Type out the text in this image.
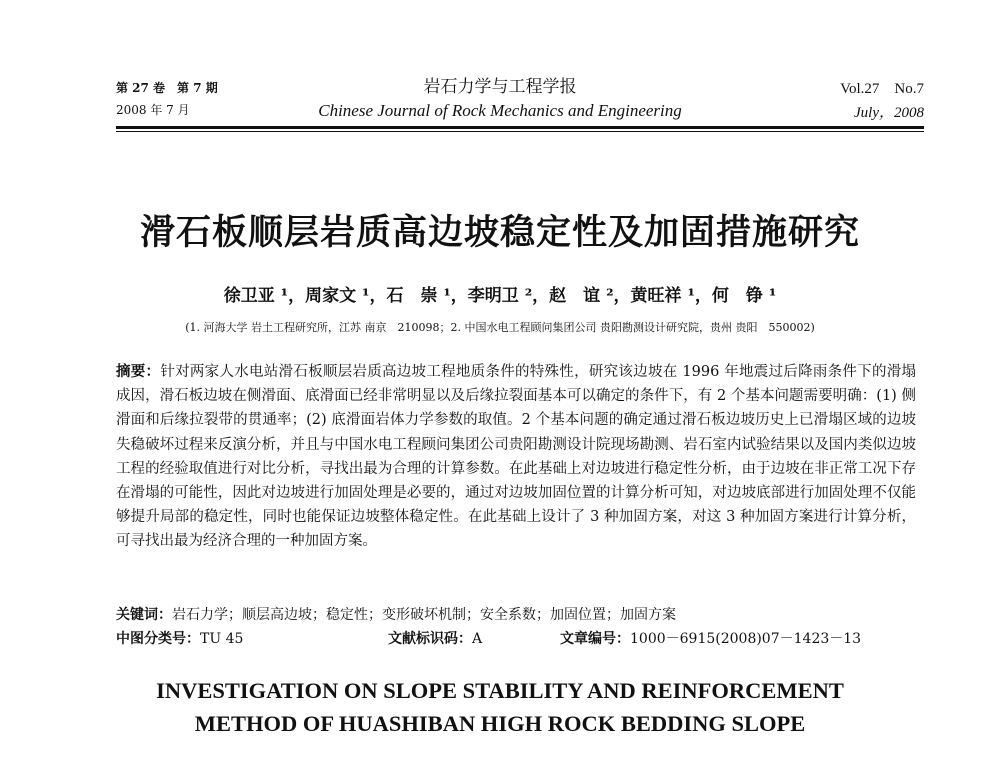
第 27 卷　第 7 期
2008 年 7 月
岩石力学与工程学报
Chinese Journal of Rock Mechanics and Engineering
Vol.27　No.7
July，2008
滑石板顺层岩质高边坡稳定性及加固措施研究
徐卫亚 ¹，周家文 ¹，石　崇 ¹，李明卫 ²，赵　谊 ²，黄旺祥 ¹，何　铮 ¹
(1. 河海大学 岩土工程研究所，江苏 南京　210098；2. 中国水电工程顾问集团公司 贵阳勘测设计研究院，贵州 贵阳　550002)
摘要：针对两家人水电站滑石板顺层岩质高边坡工程地质条件的特殊性，研究该边坡在 1996 年地震过后降雨条件下的滑塌成因，滑石板边坡在侧滑面、底滑面已经非常明显以及后缘拉裂面基本可以确定的条件下，有 2 个基本问题需要明确：(1) 侧滑面和后缘拉裂带的贯通率；(2) 底滑面岩体力学参数的取值。2 个基本问题的确定通过滑石板边坡历史上已滑塌区域的边坡失稳破坏过程来反演分析，并且与中国水电工程顾问集团公司贵阳勘测设计院现场勘测、岩石室内试验结果以及国内类似边坡工程的经验取值进行对比分析，寻找出最为合理的计算参数。在此基础上对边坡进行稳定性分析，由于边坡在非正常工况下存在滑塌的可能性，因此对边坡进行加固处理是必要的，通过对边坡加固位置的计算分析可知，对边坡底部进行加固处理不仅能够提升局部的稳定性，同时也能保证边坡整体稳定性。在此基础上设计了 3 种加固方案，对这 3 种加固方案进行计算分析，可寻找出最为经济合理的一种加固方案。
关键词：岩石力学；顺层高边坡；稳定性；变形破坏机制；安全系数；加固位置；加固方案
中图分类号：TU 45	文献标识码：A	文章编号：1000－6915(2008)07－1423－13
INVESTIGATION ON SLOPE STABILITY AND REINFORCEMENT
METHOD OF HUASHIBAN HIGH ROCK BEDDING SLOPE
